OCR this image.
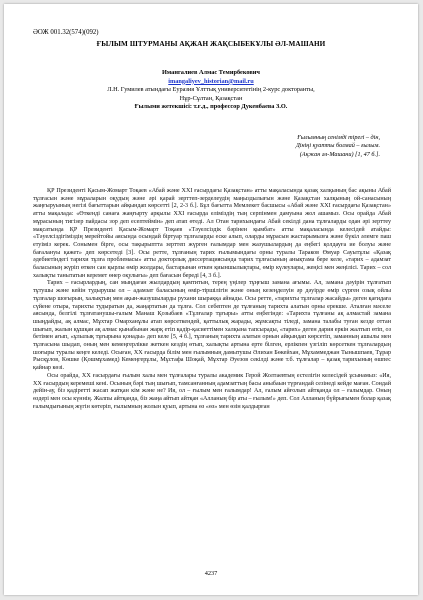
ӘОЖ 001.32(574)(092)
ҒЫЛЫМ ШТУРМАНЫ АҚЖАН ЖАҚСЫБЕКҰЛЫ ӘЛ-МАШАНИ
Имангалиев Алмас Темирбекович
imangaliyev_historian@mail.ru
Л.Н. Гумилев атындағы Еуразия Ұлттық университетінің 2-курс докторанты,
Нұр-Сұлтан, Қазақстан
Ғылыми жетекшісі: т.ғ.д., профессор Дукенбаева З.О.
Ғылымның сенімді тірегі – дін,
Дініңі қуатты болмай – ғылым.
(Ақжан әл-Машани) [1, 47 б.].

ҚР Президенті Қасым-Жомарт Тоқаев «Абай және XXI ғасырдағы Қазақстан» атты мақаласында қазақ халқының бас ақыны Абай тұлғасын және мұраларын оқудың және әрі қарай зерттеп-зерделеудің маңыздылығын және Қазақстан халқының ой-санасының жаңғыруының негізі бағыттарын айқындап көрсетті [2, 2-3 б.]. Бұл бағытта Мемлекет басшысы «Абай және XXI ғасырдағы Қазақстан» атты мақалада: «Өткенді санаға жаңғырту арқылы XXI ғасырда еліміздің тың серпінмен дамуына жол ашамыз. Осы орайда Абай мұрасының тигізер пайдасы зор деп есептеймін» деп атап өтеді. Ал Отан тарихындағы Абай секілді дана тұлғаларды одан әрі зерттеу мақсатында ҚР Президенті Қасым-Жомарт Тоқаев «Тәуелсіздік бәрінен қымбат» атты мақаласында келесідей атайды: «Тәуелсіздігіміздің мерейтойы аясында осындай біртуар тұлғаларды еске алып, оларды мұрасын жастарымызға және бүкіл әлемге паш етуіміз керек. Сонымен бірге, осы тақырыптта зерттеп жүрген ғалымдар мен жазушылардың да еңбегі қолдауға ие болуы және бағалануы қажет» деп көрсетеді [3]. Осы ретте, тұлғаның тарих ғылымындағы орны туралы Тараков Өмуар Сауытұлы «Қазақ әдебиетіндегі тарихи тұлға проблемасы» атты докторлық диссертациясында тарих тұлғасының анықтама бере келе, «тарих – адамзат баласының жүріп өткен сан қырлы өмір жолдары, бастарынан өткен қиыншылықтары, өмір күлеулары, жеңісі мен жеңілісі. Тарих – сол халықты танытатын керемет өнер оқулығы» деп бағасын береді [4, 3 б.].

Тарих – ғасырлардың, сан мыңдаған жылдардың қамтитын, терең үңілер тұңғыш замана ағымы. Ал, замана дәуірін тұлғатып тұтушы және кейін тудырушы ол – адамзат баласының өмір-тіршілігін және оның кезеңделуін әр дәуірде өмір сүрген озық ойлы тұлғалар шоғырын, халықтың мен ақын-жазушыларды рухани шыраққа айнады. Осы ретте, «тарихты тұлғалар жасайды» деген қағидаға сүйене отыра, тарихты тудыратын да, жаңартатын да тұлға. Сол себептен де тұлғаның тарихта алатын орны ерекше. Аталған мәселе аясында, белгілі тұлғатанушы-ғалым Манаш Қозыбаев «Тұлғалар тұғыры» атты еңбегінде: «Тарихта тұлғаны ақ алмастай замана шыңдайды, ақ алмас, Мұхтар Омарханұлы атап көрсеткендей, қаттылық жарады, жұмсақты тіледі, замана талабы туған кезде оттан шығып, жалын құшқан ақ алмас қынабынан жарқ етіп қадір-қасиеттімен халқына тапсырады, «тарих» деген дария еркін жалтып өтіп, оз бетімен ағып, «ұлылық тұғырына қонады» деп келе [5, 4 б.], тұлғаның тарихта алатын орнын айқындап көрсетіп, заманның ашылы мен тұлғасына шыдап, оның мен кемеңгерлікке жеткен кездің өтып, халықты артына ерте білген, ерлікпен үзгіліп көрсеткен тұлғалардың шоғыры туралы кеңге келеді. Осыған, ХХ ғасырда білім мен ғылымның дамытушы Әлихан Бөкейхан, Мұхаммеджан Тынышпаев, Тұрар Рысқұлов, Көшке (Қошмұхамед) Кемеңгерұлы, Мұстафа Шоқай, Мұхтар Әуезов секілді және т.б. тұлғалар – қазақ тарихының өшпес қайнар көзі.

Осы орайда, XX ғасырдағы ғылым халы мен тұлғалары туралы академик Герой Жолтаевтың естелігін келесідей ұсынамыз: «Ия, XX ғасырдың керемеші кені. Осының бәрі тың шығып, тамсанғанның адамзаттың басы аныбаын түрғандай сезінеді кейде маған. Сондай дейін-ау, біз қадіретті жасап жатқан кім және не? Ия, ол – ғылым мен ғалымдар! Ал, ғалым айғолып айтқанда ол – ғалымдар. Оның өздері мен осы күннің. Жалпы айтқанда, біз жаңа айтып айтқан «Алланың бір аты – ғылым!» деп. Сол Алланың бүйрығымен болар қазақ ғалымдығының жүгін көтеріп, ғылымның жолын қуып, артына өз «өз» мен өзін қалдырған

4237
